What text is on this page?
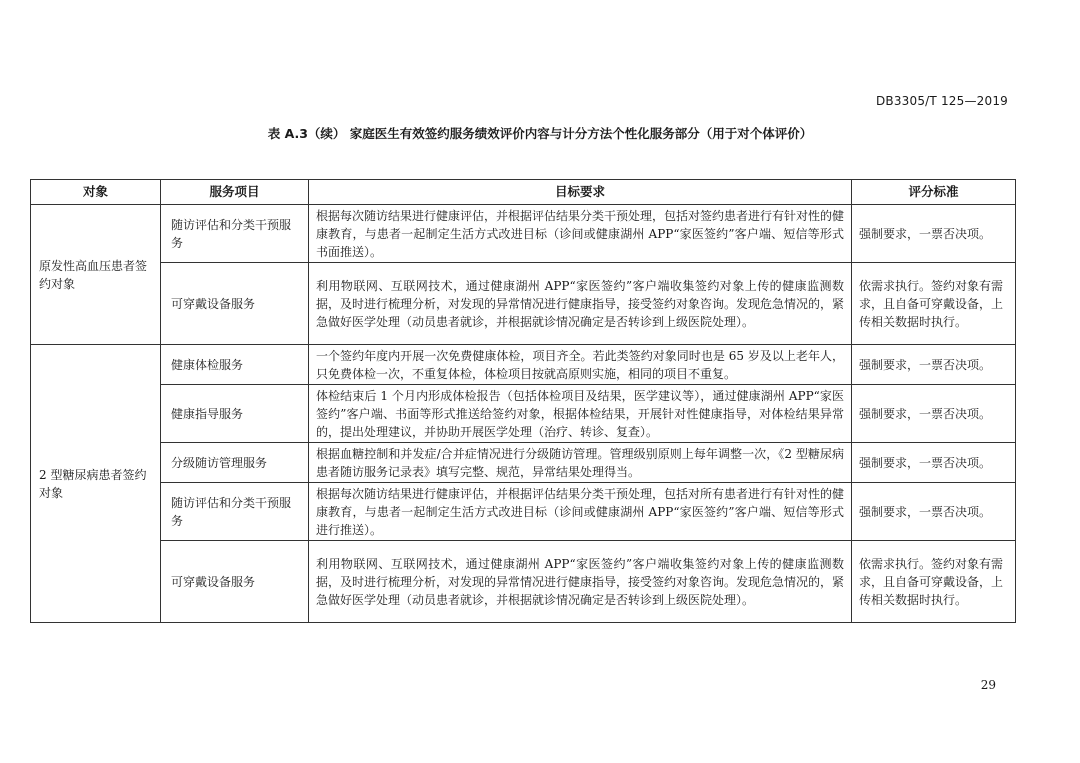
DB3305/T 125—2019
表 A.3（续） 家庭医生有效签约服务绩效评价内容与计分方法个性化服务部分（用于对个体评价）
对象	服务项目	目标要求	评分标准
原发性高血压患者签约对象	随访评估和分类干预服务	根据每次随访结果进行健康评估，并根据评估结果分类干预处理，包括对签约患者进行有针对性的健康教育，与患者一起制定生活方式改进目标（诊间或健康湖州 APP“家医签约”客户端、短信等形式书面推送）。	强制要求，一票否决项。
	可穿戴设备服务	利用物联网、互联网技术，通过健康湖州 APP“家医签约”客户端收集签约对象上传的健康监测数据，及时进行梳理分析，对发现的异常情况进行健康指导，接受签约对象咨询。发现危急情况的，紧急做好医学处理（动员患者就诊，并根据就诊情况确定是否转诊到上级医院处理）。	依需求执行。签约对象有需求，且自备可穿戴设备，上传相关数据时执行。
2 型糖尿病患者签约对象	健康体检服务	一个签约年度内开展一次免费健康体检，项目齐全。若此类签约对象同时也是 65 岁及以上老年人，只免费体检一次，不重复体检，体检项目按就高原则实施，相同的项目不重复。	强制要求，一票否决项。
	健康指导服务	体检结束后 1 个月内形成体检报告（包括体检项目及结果，医学建议等），通过健康湖州 APP“家医签约”客户端、书面等形式推送给签约对象，根据体检结果，开展针对性健康指导，对体检结果异常的，提出处理建议，并协助开展医学处理（治疗、转诊、复查）。	强制要求，一票否决项。
	分级随访管理服务	根据血糖控制和并发症/合并症情况进行分级随访管理。管理级别原则上每年调整一次，《2 型糖尿病患者随访服务记录表》填写完整、规范，异常结果处理得当。	强制要求，一票否决项。
	随访评估和分类干预服务	根据每次随访结果进行健康评估，并根据评估结果分类干预处理，包括对所有患者进行有针对性的健康教育，与患者一起制定生活方式改进目标（诊间或健康湖州 APP“家医签约”客户端、短信等形式进行推送）。	强制要求，一票否决项。
	可穿戴设备服务	利用物联网、互联网技术，通过健康湖州 APP“家医签约”客户端收集签约对象上传的健康监测数据，及时进行梳理分析，对发现的异常情况进行健康指导，接受签约对象咨询。发现危急情况的，紧急做好医学处理（动员患者就诊，并根据就诊情况确定是否转诊到上级医院处理）。	依需求执行。签约对象有需求，且自备可穿戴设备，上传相关数据时执行。
29
